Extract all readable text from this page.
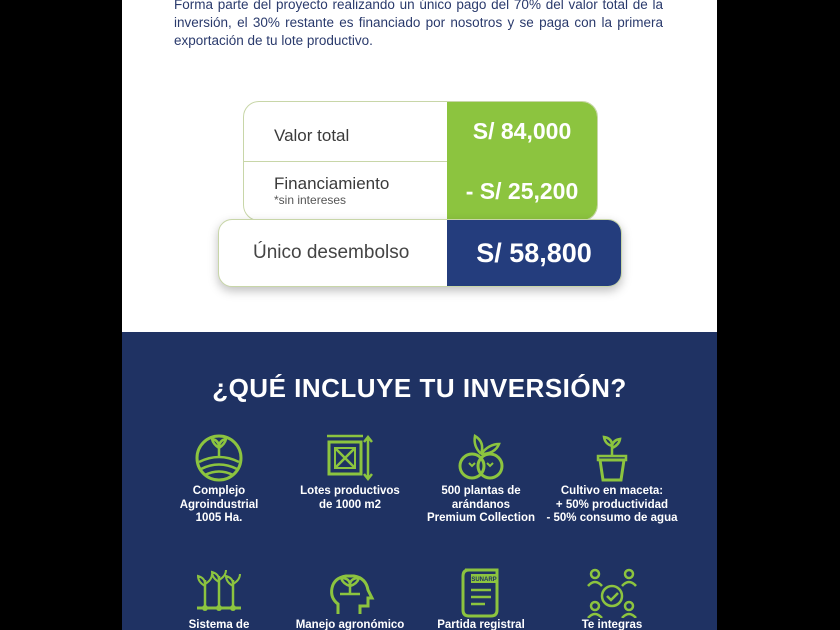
Forma parte del proyecto realizando un único pago del 70% del valor total de la inversión, el 30% restante es financiado por nosotros y se paga con la primera exportación de tu lote productivo.
Valor total	S/ 84,000
Financiamiento
*sin intereses	- S/ 25,200
Único desembolso	S/ 58,800
¿QUÉ INCLUYE TU INVERSIÓN?
Complejo
Agroindustrial
1005 Ha.
Lotes productivos
de 1000 m2
500 plantas de
arándanos
Premium Collection
Cultivo en maceta:
+ 50% productividad
- 50% consumo de agua
Sistema de	Manejo agronómico
SUNARP
Partida registral	Te integras
